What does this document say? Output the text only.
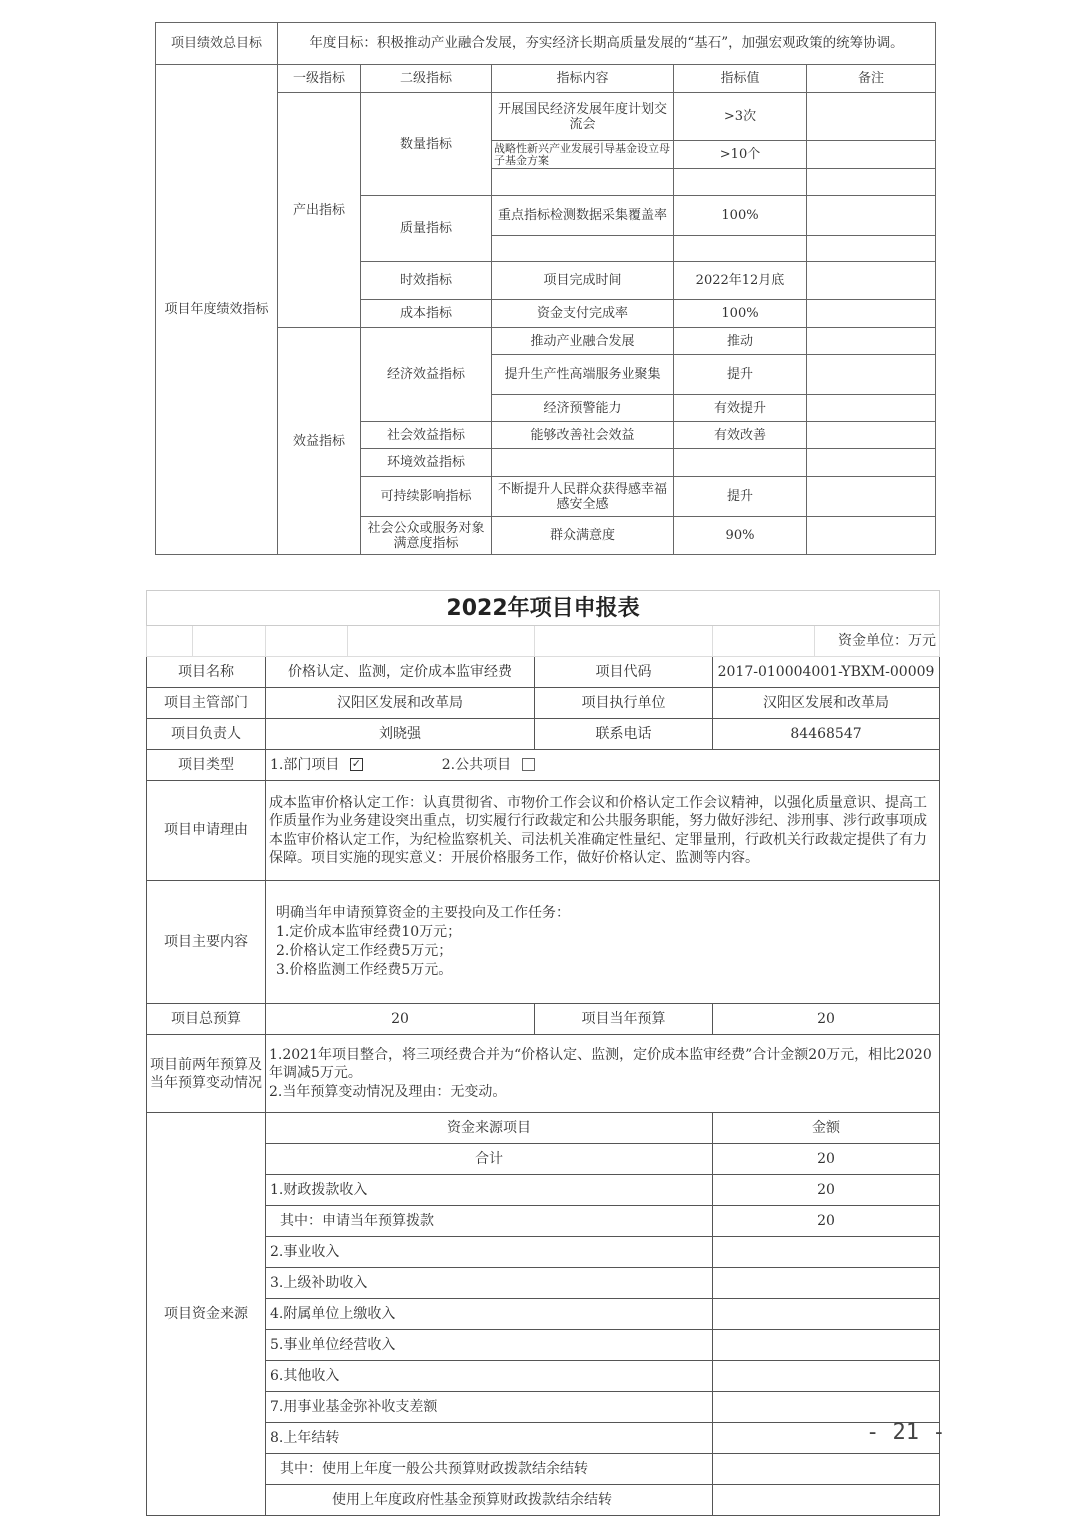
项目绩效总目标	年度目标：积极推动产业融合发展，夯实经济长期高质量发展的“基石”，加强宏观政策的统筹协调。				
项目年度绩效指标	一级指标	二级指标	指标内容	指标值	备注
	产出指标	数量指标	开展国民经济发展年度计划交流会	>3次	
			战略性新兴产业发展引导基金设立母子基金方案	>10个	

		质量指标	重点指标检测数据采集覆盖率	100%	

		时效指标	项目完成时间	2022年12月底	
		成本指标	资金支付完成率	100%	
	效益指标	经济效益指标	推动产业融合发展	推动	
			提升生产性高端服务业聚集	提升	
			经济预警能力	有效提升	
		社会效益指标	能够改善社会效益	有效改善	
		环境效益指标			
		可持续影响指标	不断提升人民群众获得感幸福感安全感	提升	
		社会公众或服务对象满意度指标	群众满意度	90%	
2022年项目申报表						
						资金单位：万元
项目名称		价格认定、监测，定价成本监审经费		项目代码	2017-010004001-YBXM-00009	
项目主管部门		汉阳区发展和改革局		项目执行单位	汉阳区发展和改革局	
项目负责人		刘晓强		联系电话	84468547	
项目类型		1.部门项目 ✓ 2.公共项目				
项目申请理由		成本监审价格认定工作：认真贯彻省、市物价工作会议和价格认定工作会议精神，以强化质量意识、提高工作质量作为业务建设突出重点，切实履行行政裁定和公共服务职能，努力做好涉纪、涉刑事、涉行政事项成本监审价格认定工作，为纪检监察机关、司法机关准确定性量纪、定罪量刑，行政机关行政裁定提供了有力保障。项目实施的现实意义：开展价格服务工作，做好价格认定、监测等内容。				
项目主要内容		明确当年申请预算资金的主要投向及工作任务：
1.定价成本监审经费10万元；
2.价格认定工作经费5万元；
3.价格监测工作经费5万元。				

项目总预算		20		项目当年预算	20	
项目前两年预算及当年预算变动情况		1.2021年项目整合，将三项经费合并为“价格认定、监测，定价成本监审经费”合计金额20万元，相比2020年调减5万元。
2.当年预算变动情况及理由：无变动。				

项目资金来源		资金来源项目			金额	
		合计			20	
		1.财政拨款收入			20	
		其中：申请当年预算拨款			20	
		2.事业收入				
		3.上级补助收入				
		4.附属单位上缴收入				
		5.事业单位经营收入				
		6.其他收入				
		7.用事业基金弥补收支差额				
		8.上年结转				
		其中：使用上年度一般公共预算财政拨款结余结转				
		使用上年度政府性基金预算财政拨款结余结转				
- 21 -
